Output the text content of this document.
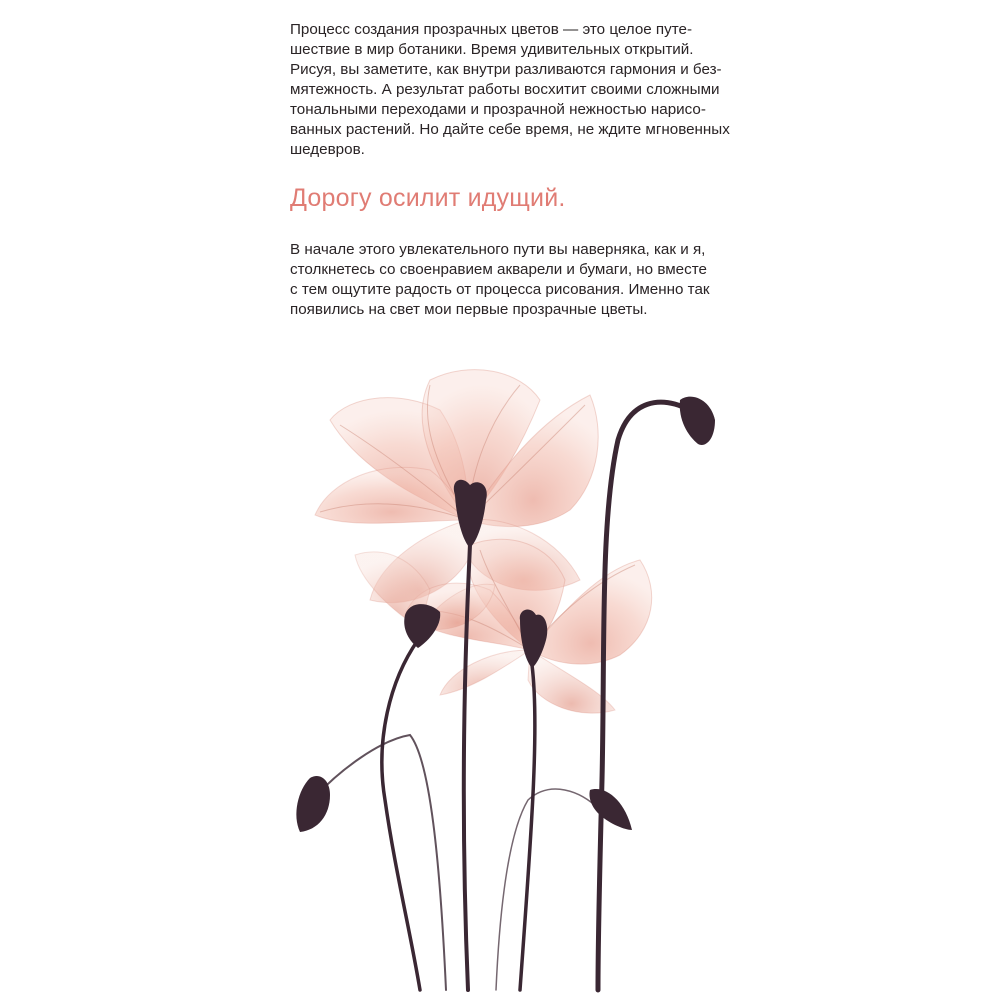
Процесс создания прозрачных цветов — это целое путе-
шествие в мир ботаники. Время удивительных открытий.
Рисуя, вы заметите, как внутри разливаются гармония и без-
мятежность. А результат работы восхитит своими сложными
тональными переходами и прозрачной нежностью нарисо-
ванных растений. Но дайте себе время, не ждите мгновенных
шедевров.
Дорогу осилит идущий.
В начале этого увлекательного пути вы наверняка, как и я,
столкнетесь со своенравием акварели и бумаги, но вместе
с тем ощутите радость от процесса рисования. Именно так
появились на свет мои первые прозрачные цветы.
